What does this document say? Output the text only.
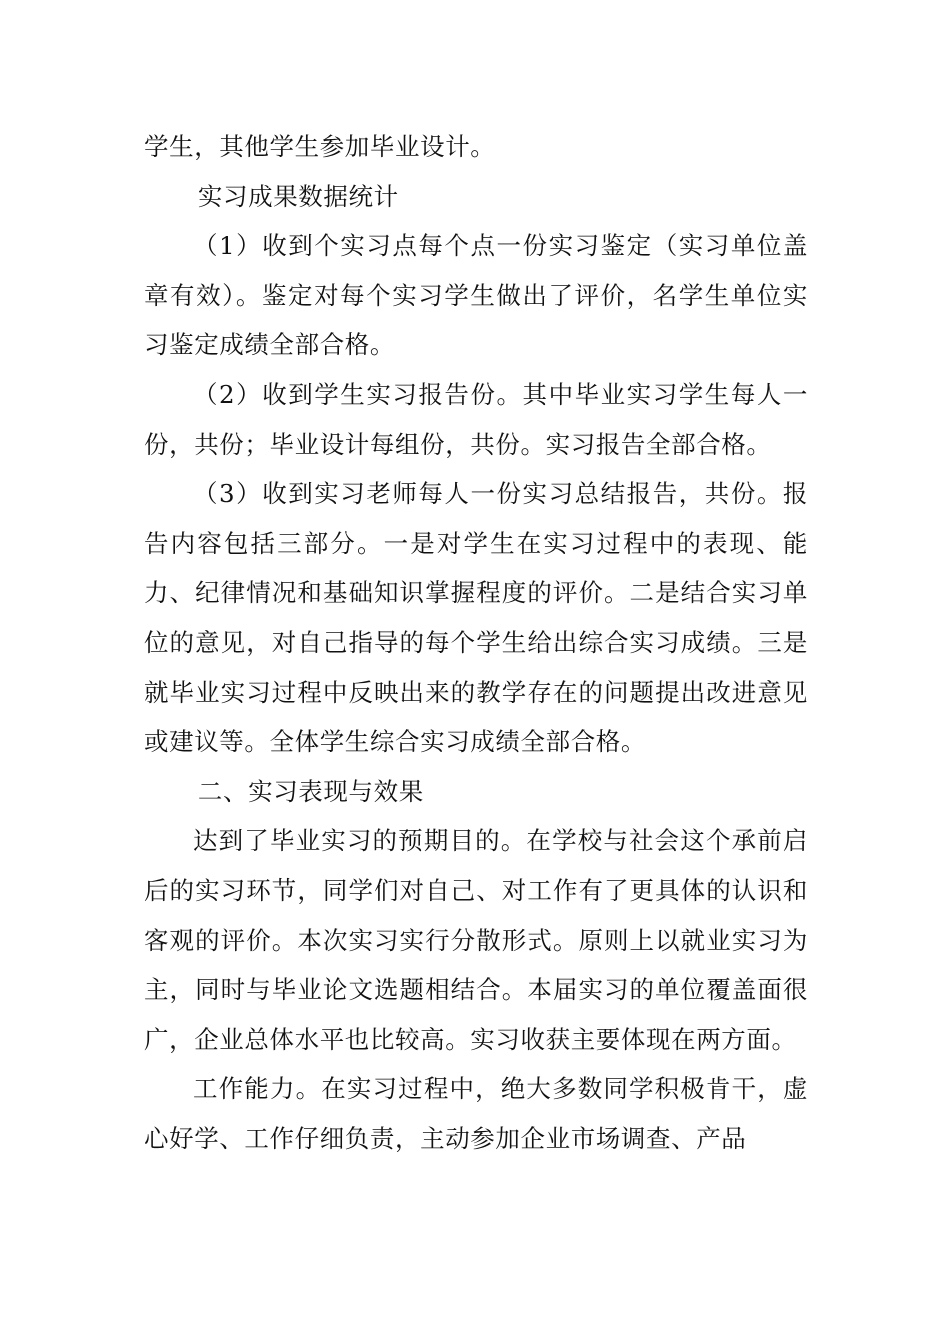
学生，其他学生参加毕业设计。

实习成果数据统计

（1）收到个实习点每个点一份实习鉴定（实习单位盖章有效）。鉴定对每个实习学生做出了评价，名学生单位实习鉴定成绩全部合格。

（2）收到学生实习报告份。其中毕业实习学生每人一份，共份；毕业设计每组份，共份。实习报告全部合格。

（3）收到实习老师每人一份实习总结报告，共份。报告内容包括三部分。一是对学生在实习过程中的表现、能力、纪律情况和基础知识掌握程度的评价。二是结合实习单位的意见，对自己指导的每个学生给出综合实习成绩。三是就毕业实习过程中反映出来的教学存在的问题提出改进意见或建议等。全体学生综合实习成绩全部合格。

二、实习表现与效果

达到了毕业实习的预期目的。在学校与社会这个承前启后的实习环节，同学们对自己、对工作有了更具体的认识和客观的评价。本次实习实行分散形式。原则上以就业实习为主，同时与毕业论文选题相结合。本届实习的单位覆盖面很广，企业总体水平也比较高。实习收获主要体现在两方面。

工作能力。在实习过程中，绝大多数同学积极肯干，虚心好学、工作仔细负责，主动参加企业市场调查、产品
